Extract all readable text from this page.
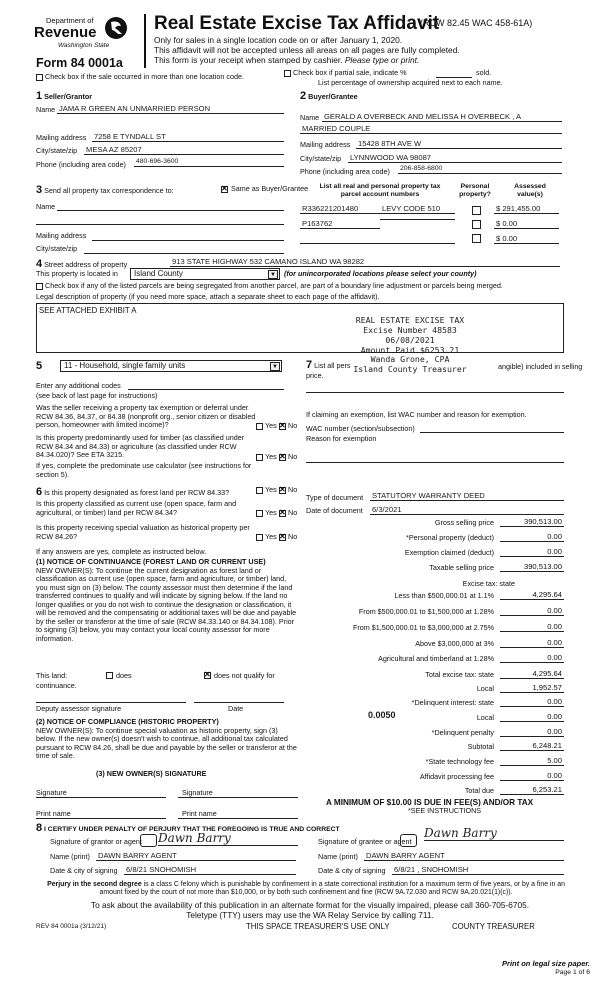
Department of
Revenue
Washington State
Form 84 0001a
Real Estate Excise Tax Affidavit
(RCW 82.45 WAC 458-61A)
Only for sales in a single location code on or after January 1, 2020.
This affidavit will not be accepted unless all areas on all pages are fully completed.
This form is your receipt when stamped by cashier. Please type or print.
Check box if the sale occurred in more than one location code.	Check box if partial sale, indicate %	sold.
List percentage of ownership acquired next to each name.
1 Seller/Grantor
Name JAMA R GREEN AN UNMARRIED PERSON
Mailing address 7258 E TYNDALL ST
City/state/zip MESA AZ 85207
Phone (including area code) 480-696-3600
2 Buyer/Grantee
Name GERALD A OVERBECK AND MELISSA H OVERBECK , A
MARRIED COUPLE
Mailing address 15428 8TH AVE W
City/state/zip LYNNWOOD WA 98087
Phone (including area code) 206-858-6800
3 Send all property tax correspondence to: ✕	Same as Buyer/Grantee
Name
Mailing address
City/state/zip
List all real and personal property tax
parcel account numbers
Personal
property?
Assessed
value(s)
R336221201480	LEVY CODE 510	$ 291,455.00
P163762	$ 0.00
$ 0.00
4 Street address of property	913 STATE HIGHWAY 532 CAMANO ISLAND WA 98282
This property is located in	Island County	▼ (for unincorporated locations please select your county)
Check box if any of the listed parcels are being segregated from another parcel, are part of a boundary line adjustment or parcels being merged.
Legal description of property (if you need more space, attach a separate sheet to each page of the affidavit).
SEE ATTACHED EXHIBIT A
REAL ESTATE EXCISE TAX
Excise Number 48583
06/08/2021
Amount Paid $6253.21
Wanda Grone, CPA
Island County Treasurer
5	11 - Household, single family units	▼
Enter any additional codes
(see back of last page for instructions)
Was the seller receiving a property tax exemption or deferral under RCW 84.36, 84.37, or 84.38 (nonprofit org., senior citizen or disabled person, homeowner with limited income)?	Yes ✕ No
Is this property predominantly used for timber (as classified under RCW 84.34 and 84.33) or agriculture (as classified under RCW 84.34.020)? See ETA 3215.	Yes ✕ No
If yes, complete the predominate use calculator (see instructions for section 5).
6 Is this property designated as forest land per RCW 84.33?	Yes ✕ No
Is this property classified as current use (open space, farm and agricultural, or timber) land per RCW 84.34?	Yes ✕ No
Is this property receiving special valuation as historical property per RCW 84.26?	Yes ✕ No
If any answers are yes, complete as instructed below.
(1) NOTICE OF CONTINUANCE (FOREST LAND OR CURRENT USE)
NEW OWNER(S): To continue the current designation as forest land or classification as current use (open space, farm and agriculture, or timber) land, you must sign on (3) below. The county assessor must then determine if the land transferred continues to qualify and will indicate by signing below. If the land no longer qualifies or you do not wish to continue the designation or classification, it will be removed and the compensating or additional taxes will be due and payable by the seller or transferor at the time of sale (RCW 84.33.140 or 84.34.108). Prior to signing (3) below, you may contact your local county assessor for more information.
This land:	does ✕	does not qualify for
continuance.
Deputy assessor signature	Date
(2) NOTICE OF COMPLIANCE (HISTORIC PROPERTY)
NEW OWNER(S): To continue special valuation as historic property, sign (3) below. If the new owner(s) doesn't wish to continue, all additional tax calculated pursuant to RCW 84.26, shall be due and payable by the seller or transferor at the time of sale.
(3) NEW OWNER(S) SIGNATURE
Signature	Signature
Print name	Print name
7 List all pers	angible) included in selling
price.
If claiming an exemption, list WAC number and reason for exemption.
WAC number (section/subsection)
Reason for exemption
Type of document STATUTORY WARRANTY DEED
Date of document 6/3/2021
Gross selling price	390,513.00
*Personal property (deduct)	0.00
Exemption claimed (deduct)	0.00
Taxable selling price	390,513.00
Excise tax: state
Less than $500,000.01 at 1.1%	4,295.64
From $500,000.01 to $1,500,000 at 1.28%	0.00
From $1,500,000.01 to $3,000,000 at 2.75%	0.00
Above $3,000,000 at 3%	0.00
Agricultural and timberland at 1.28%	0.00
Total excise tax: state	4,295.64
Local	1,952.57
*Delinquent interest: state	0.00
Local	0.00
*Delinquent penalty	0.00
Subtotal	6,248.21
*State technology fee	5.00
Affidavit processing fee	0.00
Total due	6,253.21
0.0050
A MINIMUM OF $10.00 IS DUE IN FEE(S) AND/OR TAX
*SEE INSTRUCTIONS
8 I CERTIFY UNDER PENALTY OF PERJURY THAT THE FOREGOING IS TRUE AND CORRECT
Signature of grantor or agent Dawn Barry
Name (print) DAWN BARRY AGENT
Date & city of signing 6/8/21 SNOHOMISH
Signature of grantee or agent
Dawn Barry
Name (print) DAWN BARRY AGENT
Date & city of signing 6/8/21 , SNOHOMISH
Perjury in the second degree is a class C felony which is punishable by confinement in a state correctional institution for a maximum term of five years, or by a fine in an amount fixed by the court of not more than $10,000, or by both such confinement and fine (RCW 9A.72.030 and RCW 9A.20.021(1)(c)).
To ask about the availability of this publication in an alternate format for the visually impaired, please call 360-705-6705. Teletype (TTY) users may use the WA Relay Service by calling 711.
REV 84 0001a (3/12/21)	THIS SPACE TREASURER'S USE ONLY	COUNTY TREASURER
Print on legal size paper.
Page 1 of 6
